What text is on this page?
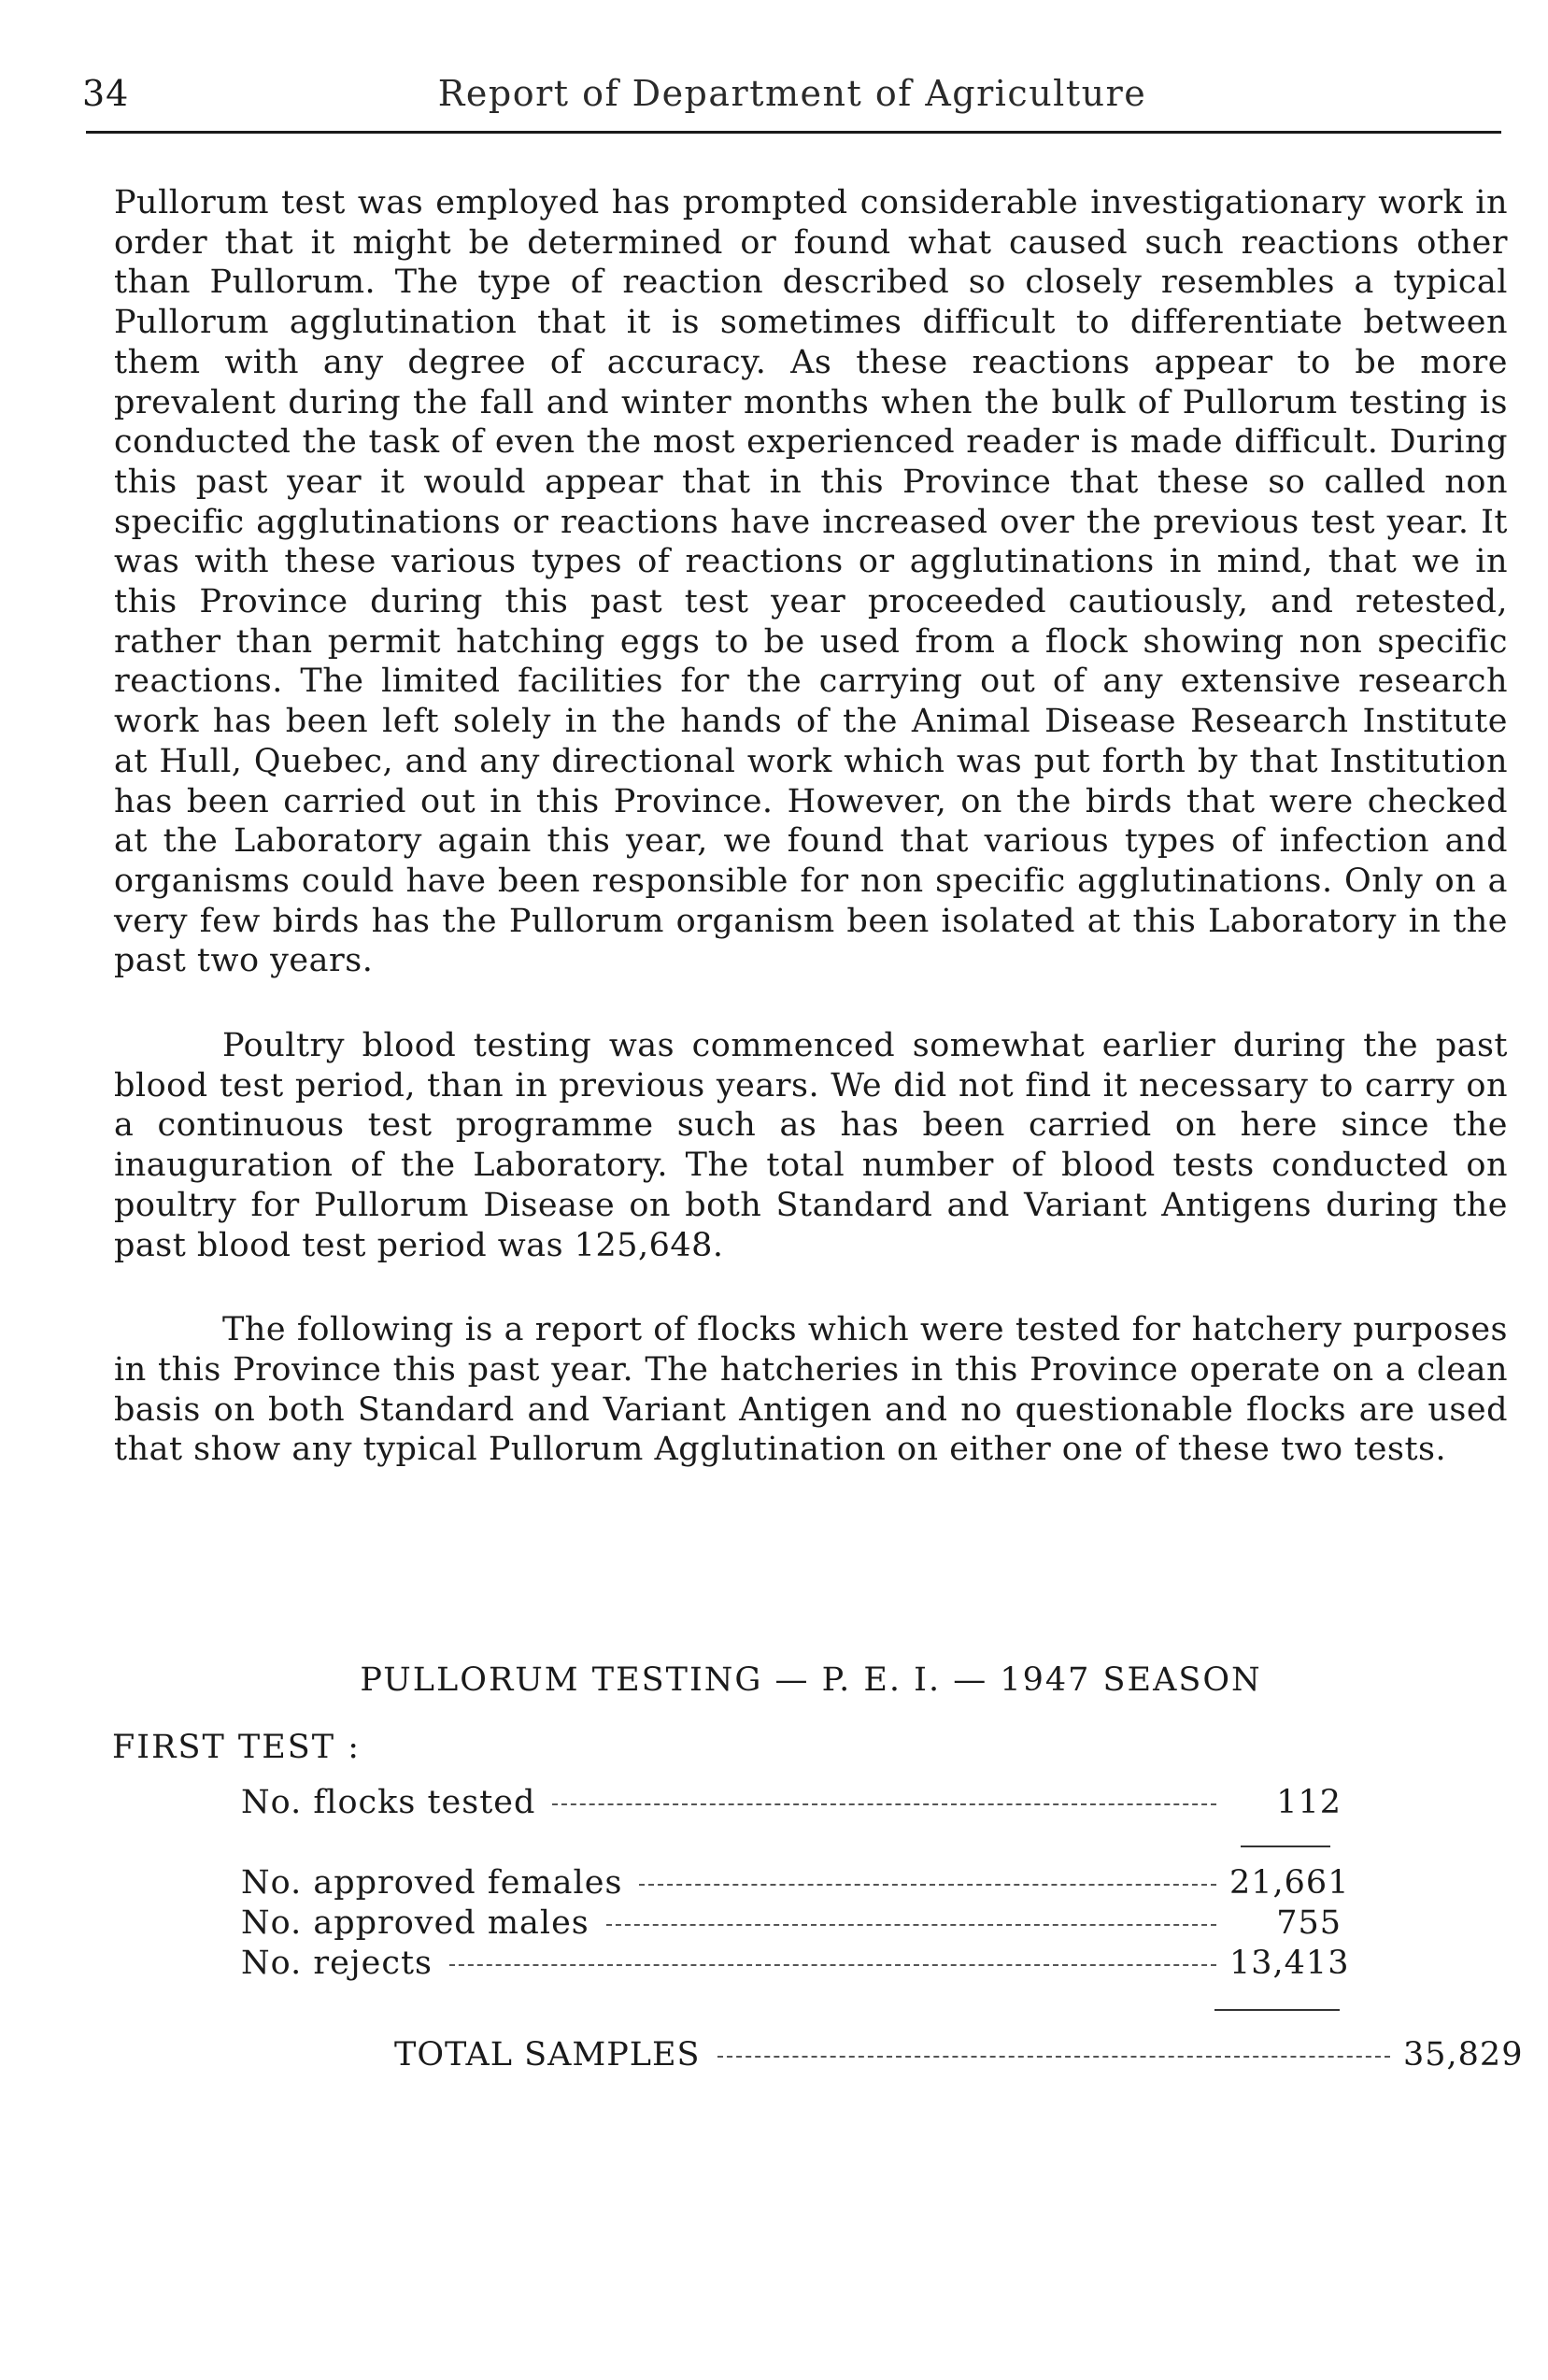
34	Report of Department of Agriculture

Pullorum test was employed has prompted considerable investigationary work in order that it might be determined or found what caused such reactions other than Pullorum. The type of reaction described so closely resembles a typical Pullorum agglutination that it is sometimes difficult to differentiate between them with any degree of accuracy. As these reactions appear to be more prevalent during the fall and winter months when the bulk of Pullorum testing is conducted the task of even the most experienced reader is made difficult. During this past year it would appear that in this Province that these so called non specific agglutinations or reactions have increased over the previous test year. It was with these various types of reactions or agglutinations in mind, that we in this Province during this past test year proceeded cautiously, and retested, rather than permit hatching eggs to be used from a flock showing non specific reactions. The limited facilities for the carrying out of any extensive research work has been left solely in the hands of the Animal Disease Research Institute at Hull, Quebec, and any directional work which was put forth by that Institution has been carried out in this Province. However, on the birds that were checked at the Laboratory again this year, we found that various types of infection and organisms could have been responsible for non specific agglutinations. Only on a very few birds has the Pullorum organism been isolated at this Laboratory in the past two years.

Poultry blood testing was commenced somewhat earlier during the past blood test period, than in previous years. We did not find it necessary to carry on a continuous test programme such as has been carried on here since the inauguration of the Laboratory. The total number of blood tests conducted on poultry for Pullorum Disease on both Standard and Variant Antigens during the past blood test period was 125,648.

The following is a report of flocks which were tested for hatchery purposes in this Province this past year. The hatcheries in this Province operate on a clean basis on both Standard and Variant Antigen and no questionable flocks are used that show any typical Pullorum Agglutination on either one of these two tests.

PULLORUM TESTING — P. E. I. — 1947 SEASON
FIRST TEST :
No. flocks tested	112
No. approved females	21,661
No. approved males	755
No. rejects	13,413
TOTAL SAMPLES	35,829
